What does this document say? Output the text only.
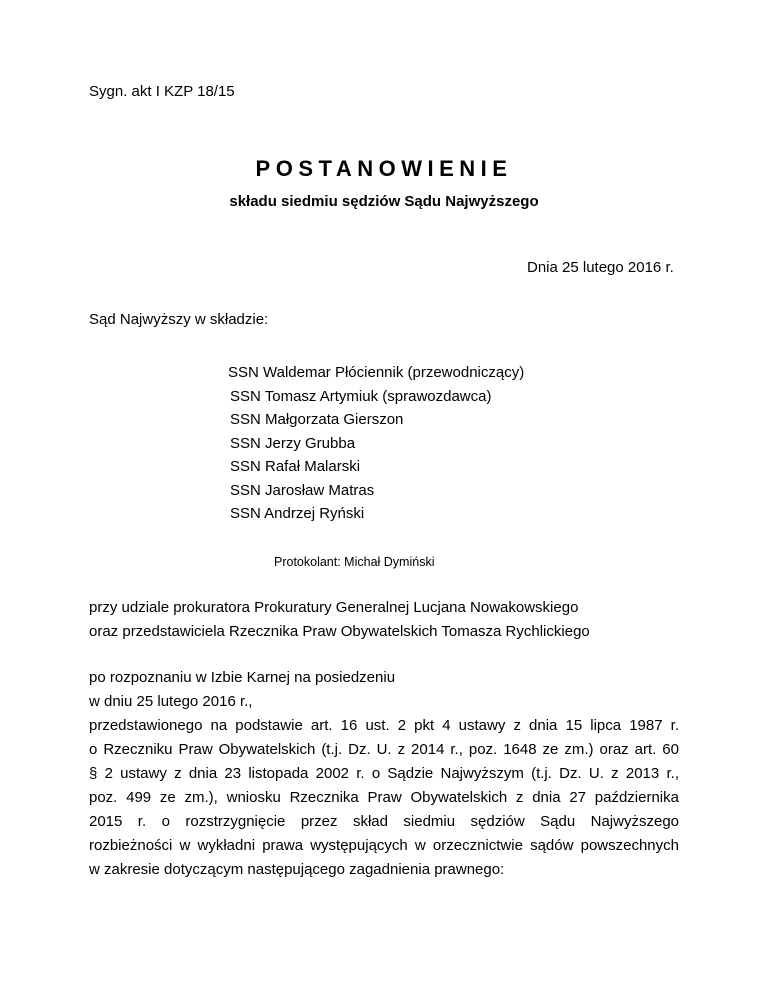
Sygn. akt I KZP 18/15
POSTANOWIENIE
składu siedmiu sędziów Sądu Najwyższego
Dnia 25 lutego 2016 r.
Sąd Najwyższy w składzie:
SSN Waldemar Płóciennik (przewodniczący)
SSN Tomasz Artymiuk (sprawozdawca)
SSN Małgorzata Gierszon
SSN Jerzy Grubba
SSN Rafał Malarski
SSN Jarosław Matras
SSN Andrzej Ryński
Protokolant: Michał Dymiński
przy udziale prokuratora Prokuratury Generalnej Lucjana Nowakowskiego
oraz przedstawiciela Rzecznika Praw Obywatelskich Tomasza Rychlickiego
po rozpoznaniu w Izbie Karnej na posiedzeniu
w dniu 25 lutego 2016 r.,
przedstawionego na podstawie art. 16 ust. 2 pkt 4 ustawy z dnia 15 lipca 1987 r.
o Rzeczniku Praw Obywatelskich (t.j. Dz. U. z 2014 r., poz. 1648 ze zm.) oraz art. 60
§ 2 ustawy z dnia 23 listopada 2002 r. o Sądzie Najwyższym (t.j. Dz. U. z 2013 r.,
poz. 499 ze zm.), wniosku Rzecznika Praw Obywatelskich z dnia 27 października
2015 r. o rozstrzygnięcie przez skład siedmiu sędziów Sądu Najwyższego
rozbieżności w wykładni prawa występujących w orzecznictwie sądów powszechnych
w zakresie dotyczącym następującego zagadnienia prawnego:
